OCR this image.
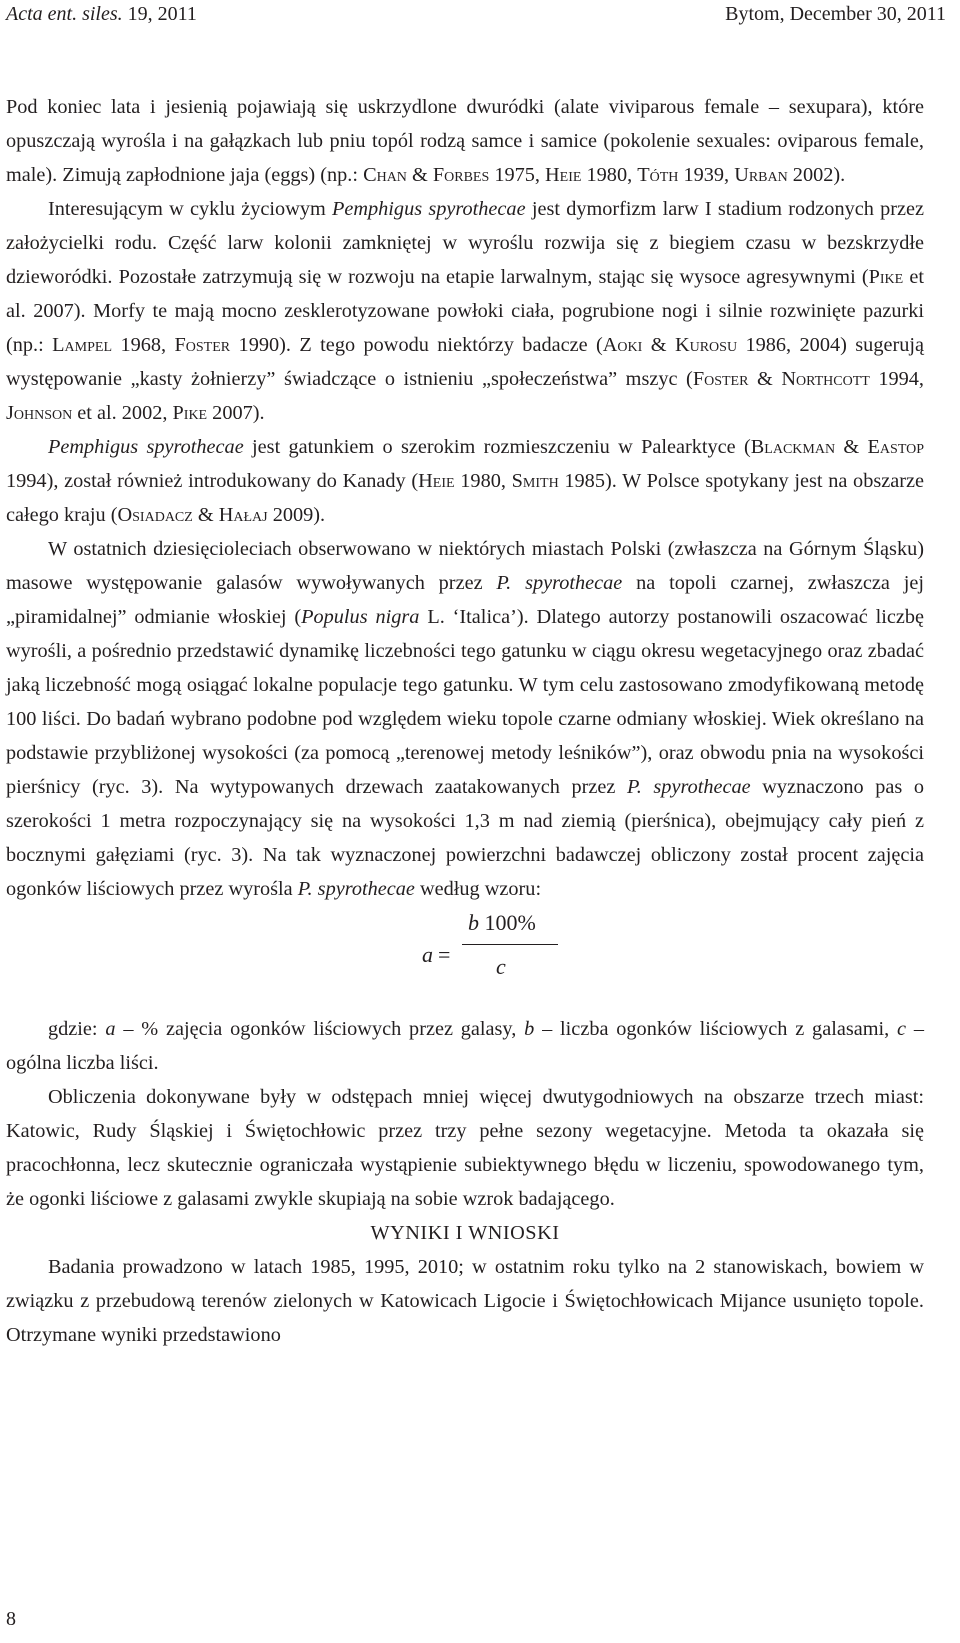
Acta ent. siles. 19, 2011	Bytom, December 30, 2011

Pod koniec lata i jesienią pojawiają się uskrzydlone dwuródki (alate viviparous female – sexupara), które opuszczają wyrośla i na gałązkach lub pniu topól rodzą samce i samice (pokolenie sexuales: oviparous female, male). Zimują zapłodnione jaja (eggs) (np.: Chan & Forbes 1975, Heie 1980, Tóth 1939, Urban 2002).

Interesującym w cyklu życiowym Pemphigus spyrothecae jest dymorfizm larw I stadium rodzonych przez założycielki rodu. Część larw kolonii zamkniętej w wyroślu rozwija się z biegiem czasu w bezskrzydłe dzieworódki. Pozostałe zatrzymują się w rozwoju na etapie larwalnym, stając się wysoce agresywnymi (Pike et al. 2007). Morfy te mają mocno zesklerotyzowane powłoki ciała, pogrubione nogi i silnie rozwinięte pazurki (np.: Lampel 1968, Foster 1990). Z tego powodu niektórzy badacze (Aoki & Kurosu 1986, 2004) sugerują występowanie „kasty żołnierzy” świadczące o istnieniu „społeczeństwa” mszyc (Foster & Northcott 1994, Johnson et al. 2002, Pike 2007).

Pemphigus spyrothecae jest gatunkiem o szerokim rozmieszczeniu w Palearktyce (Blackman & Eastop 1994), został również introdukowany do Kanady (Heie 1980, Smith 1985). W Polsce spotykany jest na obszarze całego kraju (Osiadacz & Hałaj 2009).

W ostatnich dziesięcioleciach obserwowano w niektórych miastach Polski (zwłaszcza na Górnym Śląsku) masowe występowanie galasów wywoływanych przez P. spyrothecae na topoli czarnej, zwłaszcza jej „piramidalnej” odmianie włoskiej (Populus nigra L. ‘Italica’). Dlatego autorzy postanowili oszacować liczbę wyrośli, a pośrednio przedstawić dynamikę liczebności tego gatunku w ciągu okresu wegetacyjnego oraz zbadać jaką liczebność mogą osiągać lokalne populacje tego gatunku. W tym celu zastosowano zmodyfikowaną metodę 100 liści. Do badań wybrano podobne pod względem wieku topole czarne odmiany włoskiej. Wiek określano na podstawie przybliżonej wysokości (za pomocą „terenowej metody leśników”), oraz obwodu pnia na wysokości pierśnicy (ryc. 3). Na wytypowanych drzewach zaatakowanych przez P. spyrothecae wyznaczono pas o szerokości 1 metra rozpoczynający się na wysokości 1,3 m nad ziemią (pierśnica), obejmujący cały pień z bocznymi gałęziami (ryc. 3). Na tak wyznaczonej powierzchni badawczej obliczony został procent zajęcia ogonków liściowych przez wyrośla P. spyrothecae według wzoru:

a =
b 100%
c

gdzie: a – % zajęcia ogonków liściowych przez galasy, b – liczba ogonków liściowych z galasami, c – ogólna liczba liści.

Obliczenia dokonywane były w odstępach mniej więcej dwutygodniowych na obszarze trzech miast: Katowic, Rudy Śląskiej i Świętochłowic przez trzy pełne sezony wegetacyjne. Metoda ta okazała się pracochłonna, lecz skutecznie ograniczała wystąpienie subiektywnego błędu w liczeniu, spowodowanego tym, że ogonki liściowe z galasami zwykle skupiają na sobie wzrok badającego.

WYNIKI I WNIOSKI

Badania prowadzono w latach 1985, 1995, 2010; w ostatnim roku tylko na 2 stanowiskach, bowiem w związku z przebudową terenów zielonych w Katowicach Ligocie i Świętochłowicach Mijance usunięto topole. Otrzymane wyniki przedstawiono

8
